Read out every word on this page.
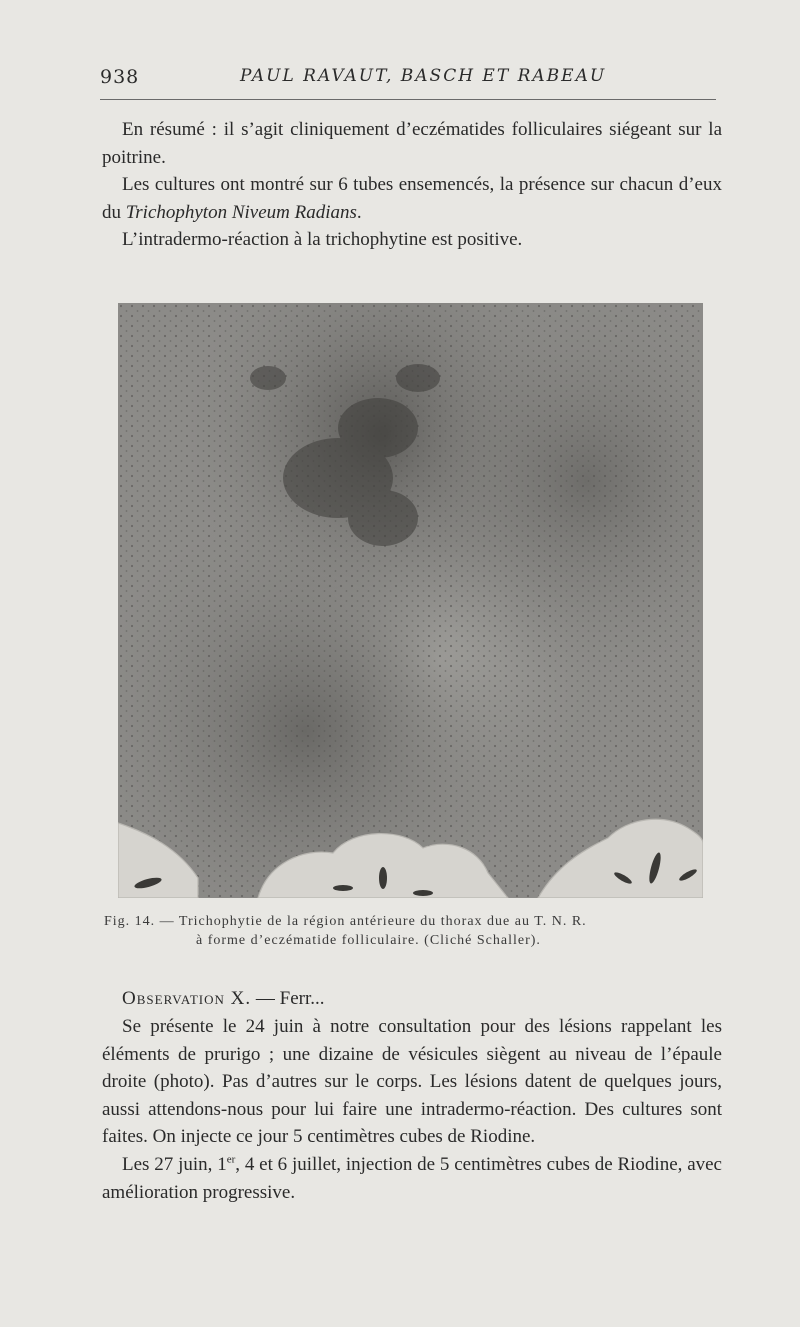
938	PAUL RAVAUT, BASCH ET RABEAU

En résumé : il s’agit cliniquement d’eczématides folliculaires siégeant sur la poitrine.

Les cultures ont montré sur 6 tubes ensemencés, la présence sur chacun d’eux du Trichophyton Niveum Radians.

L’intradermo-réaction à la trichophytine est positive.

Fig. 14. — Trichophytie de la région antérieure du thorax due au T. N. R.

à forme d’eczématide folliculaire. (Cliché Schaller).

Observation X. — Ferr...

Se présente le 24 juin à notre consultation pour des lésions rappelant les éléments de prurigo ; une dizaine de vésicules siègent au niveau de l’épaule droite (photo). Pas d’autres sur le corps. Les lésions datent de quelques jours, aussi attendons-nous pour lui faire une intradermo-réaction. Des cultures sont faites. On injecte ce jour 5 centimètres cubes de Riodine.

Les 27 juin, 1er, 4 et 6 juillet, injection de 5 centimètres cubes de Riodine, avec amélioration progressive.
